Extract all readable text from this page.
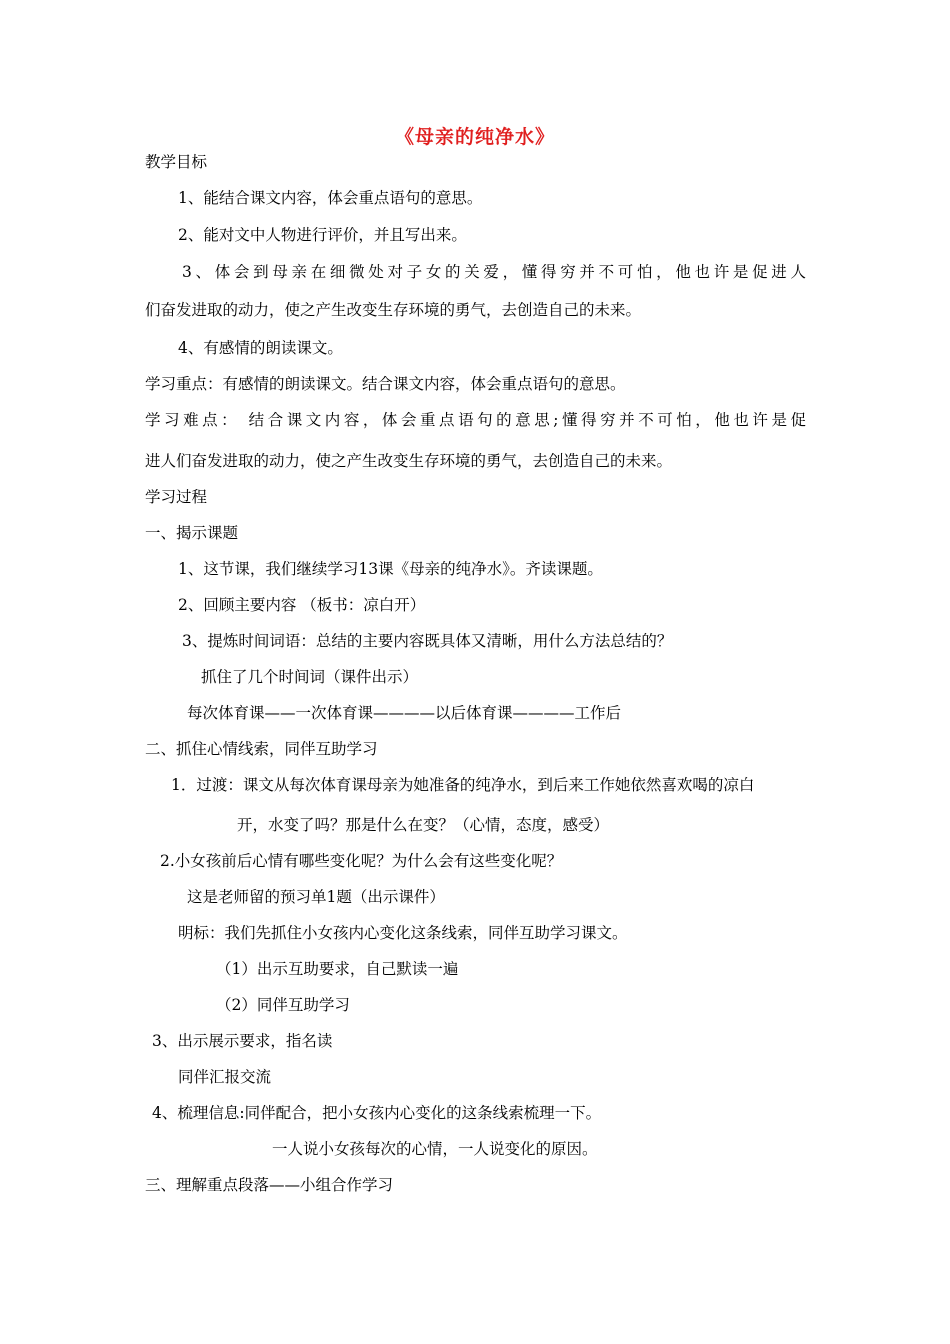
《母亲的纯净水》
教学目标
1、能结合课文内容，体会重点语句的意思。
2、能对文中人物进行评价，并且写出来。
3、体会到母亲在细微处对子女的关爱，懂得穷并不可怕，他也许是促进人
们奋发进取的动力，使之产生改变生存环境的勇气，去创造自己的未来。
4、有感情的朗读课文。
学习重点：有感情的朗读课文。结合课文内容，体会重点语句的意思。
学习难点： 结合课文内容，体会重点语句的意思;懂得穷并不可怕，他也许是促
进人们奋发进取的动力，使之产生改变生存环境的勇气，去创造自己的未来。
学习过程
一、揭示课题
1、这节课，我们继续学习13课《母亲的纯净水》。齐读课题。
2、回顾主要内容 （板书：凉白开）
3、提炼时间词语：总结的主要内容既具体又清晰，用什么方法总结的？
抓住了几个时间词（课件出示）
每次体育课——一次体育课————以后体育课————工作后
二、抓住心情线索，同伴互助学习
1．过渡：课文从每次体育课母亲为她准备的纯净水，到后来工作她依然喜欢喝的凉白
开，水变了吗？那是什么在变？（心情，态度，感受）
2.小女孩前后心情有哪些变化呢？为什么会有这些变化呢？
这是老师留的预习单1题（出示课件）
明标：我们先抓住小女孩内心变化这条线索，同伴互助学习课文。
（1）出示互助要求，自己默读一遍
（2）同伴互助学习
3、出示展示要求，指名读
同伴汇报交流
4、梳理信息:同伴配合，把小女孩内心变化的这条线索梳理一下。
一人说小女孩每次的心情，一人说变化的原因。
三、理解重点段落——小组合作学习
